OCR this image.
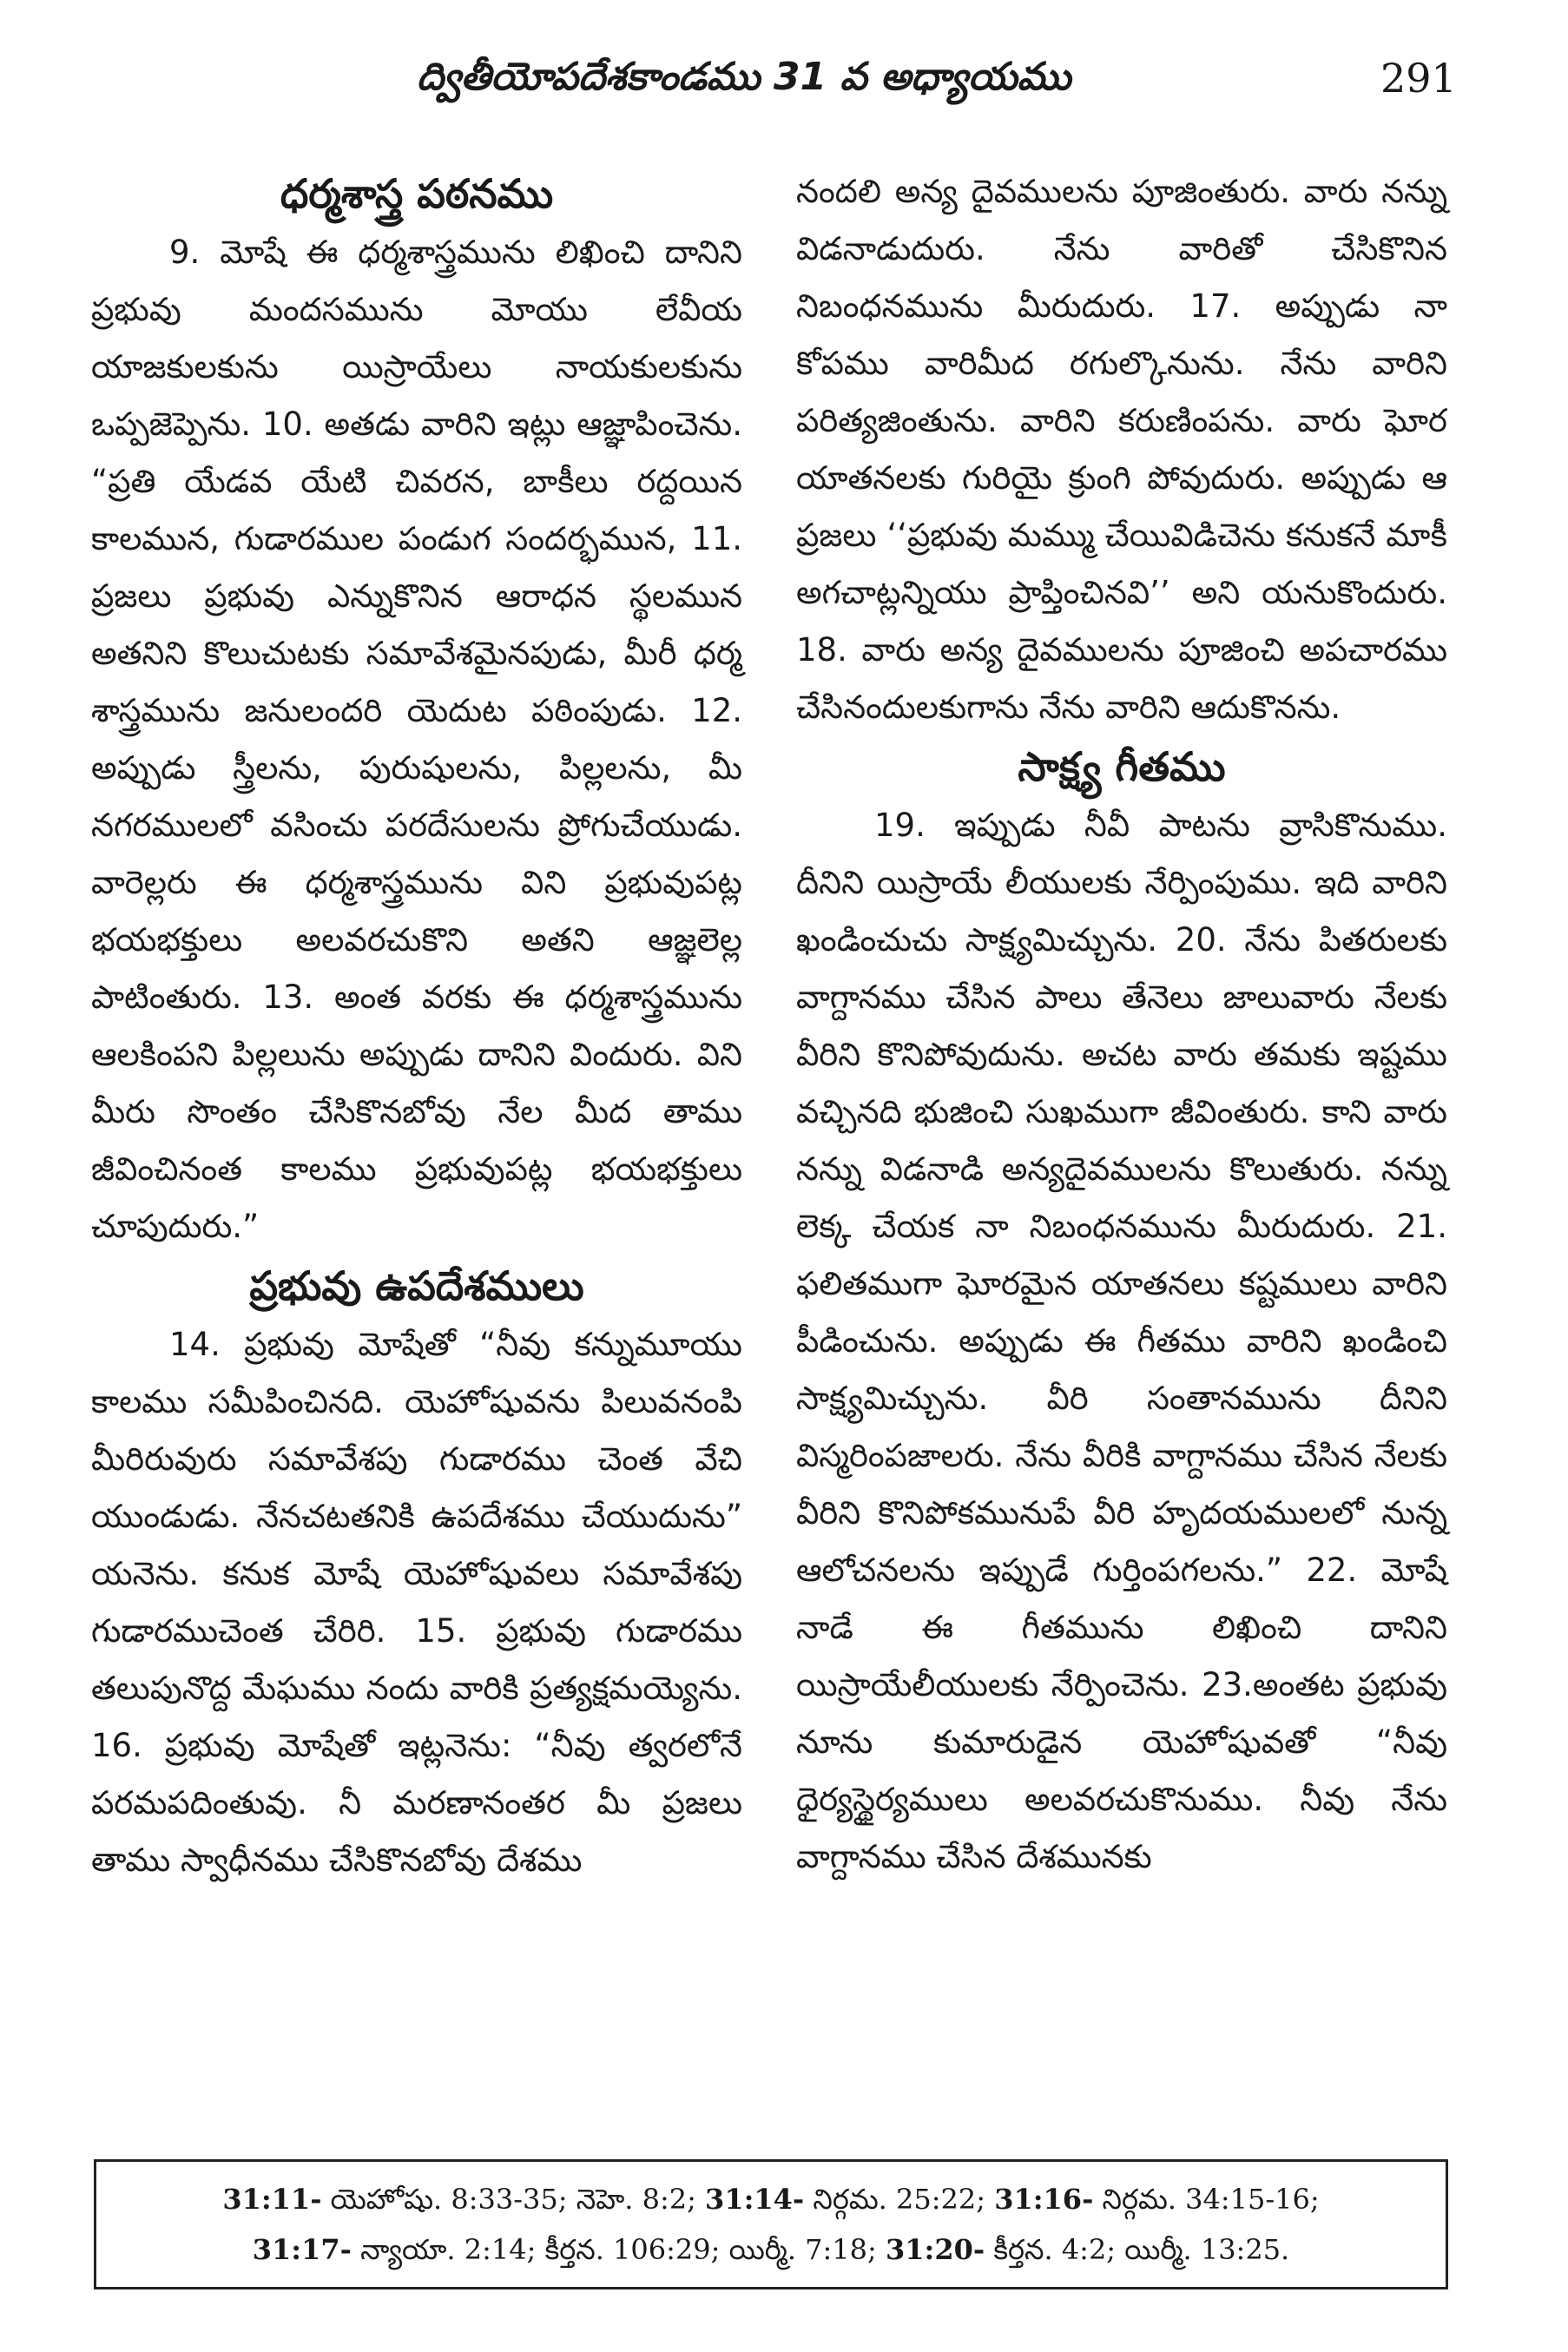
ద్వితీయోపదేశకాండము 31 వ అధ్యాయము	291
ధర్మశాస్త్ర పఠనము

9. మోషే ఈ ధర్మశాస్త్రమును లిఖించి దానిని ప్రభువు మందసమును మోయు లేవీయ యాజకులకును యిస్రాయేలు నాయకులకును ఒప్పజెప్పెను. 10. అతడు వారిని ఇట్లు ఆజ్ఞాపించెను. “ప్రతి యేడవ యేటి చివరన, బాకీలు రద్దయిన కాలమున, గుడారముల పండుగ సందర్భమున, 11. ప్రజలు ప్రభువు ఎన్నుకొనిన ఆరాధన స్థలమున అతనిని కొలుచుటకు సమావేశమైనపుడు, మీరీ ధర్మ శాస్త్రమును జనులందరి యెదుట పఠింపుడు. 12. అప్పుడు స్త్రీలను, పురుషులను, పిల్లలను, మీ నగరములలో వసించు పరదేసులను ప్రోగుచేయుడు. వారెల్లరు ఈ ధర్మశాస్త్రమును విని ప్రభువుపట్ల భయభక్తులు అలవరచుకొని అతని ఆజ్ఞలెల్ల పాటింతురు. 13. అంత వరకు ఈ ధర్మశాస్త్రమును ఆలకింపని పిల్లలును అప్పుడు దానిని విందురు. విని మీరు సొంతం చేసికొనబోవు నేల మీద తాము జీవించినంత కాలము ప్రభువుపట్ల భయభక్తులు చూపుదురు.”

ప్రభువు ఉపదేశములు

14. ప్రభువు మోషేతో “నీవు కన్నుమూయు కాలము సమీపించినది. యెహోషువను పిలువనంపి మీరిరువురు సమావేశపు గుడారము చెంత వేచి యుండుడు. నేనచటతనికి ఉపదేశము చేయుదును” యనెను. కనుక మోషే యెహోషువలు సమావేశపు గుడారముచెంత చేరిరి. 15. ప్రభువు గుడారము తలుపునొద్ద మేఘము నందు వారికి ప్రత్యక్షమయ్యెను. 16. ప్రభువు మోషేతో ఇట్లనెను: “నీవు త్వరలోనే పరమపదింతువు. నీ మరణానంతర మీ ప్రజలు తాము స్వాధీనము చేసికొనబోవు దేశము

నందలి అన్య దైవములను పూజింతురు. వారు నన్ను విడనాడుదురు. నేను వారితో చేసికొనిన నిబంధనమును మీరుదురు. 17. అప్పుడు నా కోపము వారిమీద రగుల్కొనును. నేను వారిని పరిత్యజింతును. వారిని కరుణింపను. వారు ఘోర యాతనలకు గురియై క్రుంగి పోవుదురు. అప్పుడు ఆ ప్రజలు ‘‘ప్రభువు మమ్ము చేయివిడిచెను కనుకనే మాకీ అగచాట్లన్నియు ప్రాప్తించినవి’’ అని యనుకొందురు. 18. వారు అన్య దైవములను పూజించి అపచారము చేసినందులకుగాను నేను వారిని ఆదుకొనను.

సాక్ష్య గీతము

19. ఇప్పుడు నీవీ పాటను వ్రాసికొనుము. దీనిని యిస్రాయే లీయులకు నేర్పింపుము. ఇది వారిని ఖండించుచు సాక్ష్యమిచ్చును. 20. నేను పితరులకు వాగ్దానము చేసిన పాలు తేనెలు జాలువారు నేలకు వీరిని కొనిపోవుదును. అచట వారు తమకు ఇష్టము వచ్చినది భుజించి సుఖముగా జీవింతురు. కాని వారు నన్ను విడనాడి అన్యదైవములను కొలుతురు. నన్ను లెక్క చేయక నా నిబంధనమును మీరుదురు. 21. ఫలితముగా ఘోరమైన యాతనలు కష్టములు వారిని పీడించును. అప్పుడు ఈ గీతము వారిని ఖండించి సాక్ష్యమిచ్చును. వీరి సంతానమును దీనిని విస్మరింపజాలరు. నేను వీరికి వాగ్దానము చేసిన నేలకు వీరిని కొనిపోకమునుపే వీరి హృదయములలో నున్న ఆలోచనలను ఇప్పుడే గుర్తింపగలను.” 22. మోషే నాడే ఈ గీతమును లిఖించి దానిని యిస్రాయేలీయులకు నేర్పించెను. 23.అంతట ప్రభువు నూను కుమారుడైన యెహోషువతో “నీవు ధైర్యస్థైర్యములు అలవరచుకొనుము. నీవు నేను వాగ్దానము చేసిన దేశమునకు

31:11- యెహోషు. 8:33-35; నెహె. 8:2; 31:14- నిర్గమ. 25:22; 31:16- నిర్గమ. 34:15-16;
31:17- న్యాయా. 2:14; కీర్తన. 106:29; యిర్మీ. 7:18; 31:20- కీర్తన. 4:2; యిర్మీ. 13:25.
